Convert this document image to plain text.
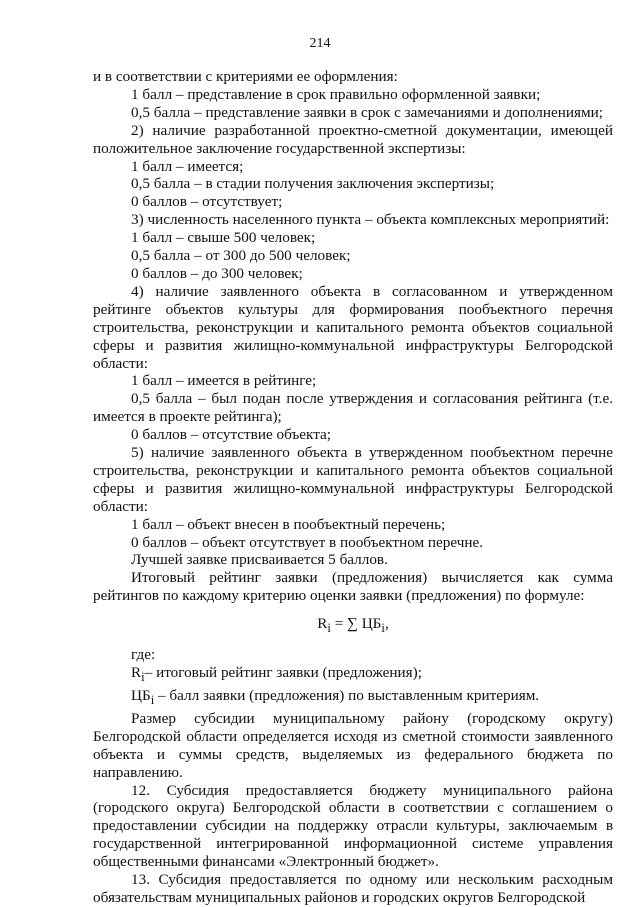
214

и в соответствии с критериями ее оформления:

1 балл – представление в срок правильно оформленной заявки;

0,5 балла – представление заявки в срок с замечаниями и дополнениями;

2) наличие разработанной проектно-сметной документации, имеющей

положительное заключение государственной экспертизы:

1 балл – имеется;

0,5 балла – в стадии получения заключения экспертизы;

0 баллов – отсутствует;

3) численность населенного пункта – объекта комплексных мероприятий:

1 балл – свыше 500 человек;

0,5 балла – от 300 до 500 человек;

0 баллов – до 300 человек;

4) наличие заявленного объекта в согласованном и утвержденном рейтинге объектов культуры для формирования пообъектного перечня строительства, реконструкции и капитального ремонта объектов социальной сферы и развития жилищно-коммунальной инфраструктуры Белгородской области:

1 балл – имеется в рейтинге;

0,5 балла – был подан после утверждения и согласования рейтинга (т.е. имеется в проекте рейтинга);

0 баллов – отсутствие объекта;

5) наличие заявленного объекта в утвержденном пообъектном перечне строительства, реконструкции и капитального ремонта объектов социальной сферы и развития жилищно-коммунальной инфраструктуры Белгородской области:

1 балл – объект внесен в пообъектный перечень;

0 баллов – объект отсутствует в пообъектном перечне.

Лучшей заявке присваивается 5 баллов.

Итоговый рейтинг заявки (предложения) вычисляется как сумма рейтингов по каждому критерию оценки заявки (предложения) по формуле:

$R_i$ = ∑ $ЦБ_i$,

где:

$R_i-$ итоговый рейтинг заявки (предложения);

$ЦБ_i$ – балл заявки (предложения) по выставленным критериям.

Размер субсидии муниципальному району (городскому округу) Белгородской области определяется исходя из сметной стоимости заявленного объекта и суммы средств, выделяемых из федерального бюджета по направлению.

12. Субсидия предоставляется бюджету муниципального района (городского округа) Белгородской области в соответствии с соглашением о предоставлении субсидии на поддержку отрасли культуры, заключаемым в государственной интегрированной информационной системе управления общественными финансами «Электронный бюджет».

13. Субсидия предоставляется по одному или нескольким расходным обязательствам муниципальных районов и городских округов Белгородской
